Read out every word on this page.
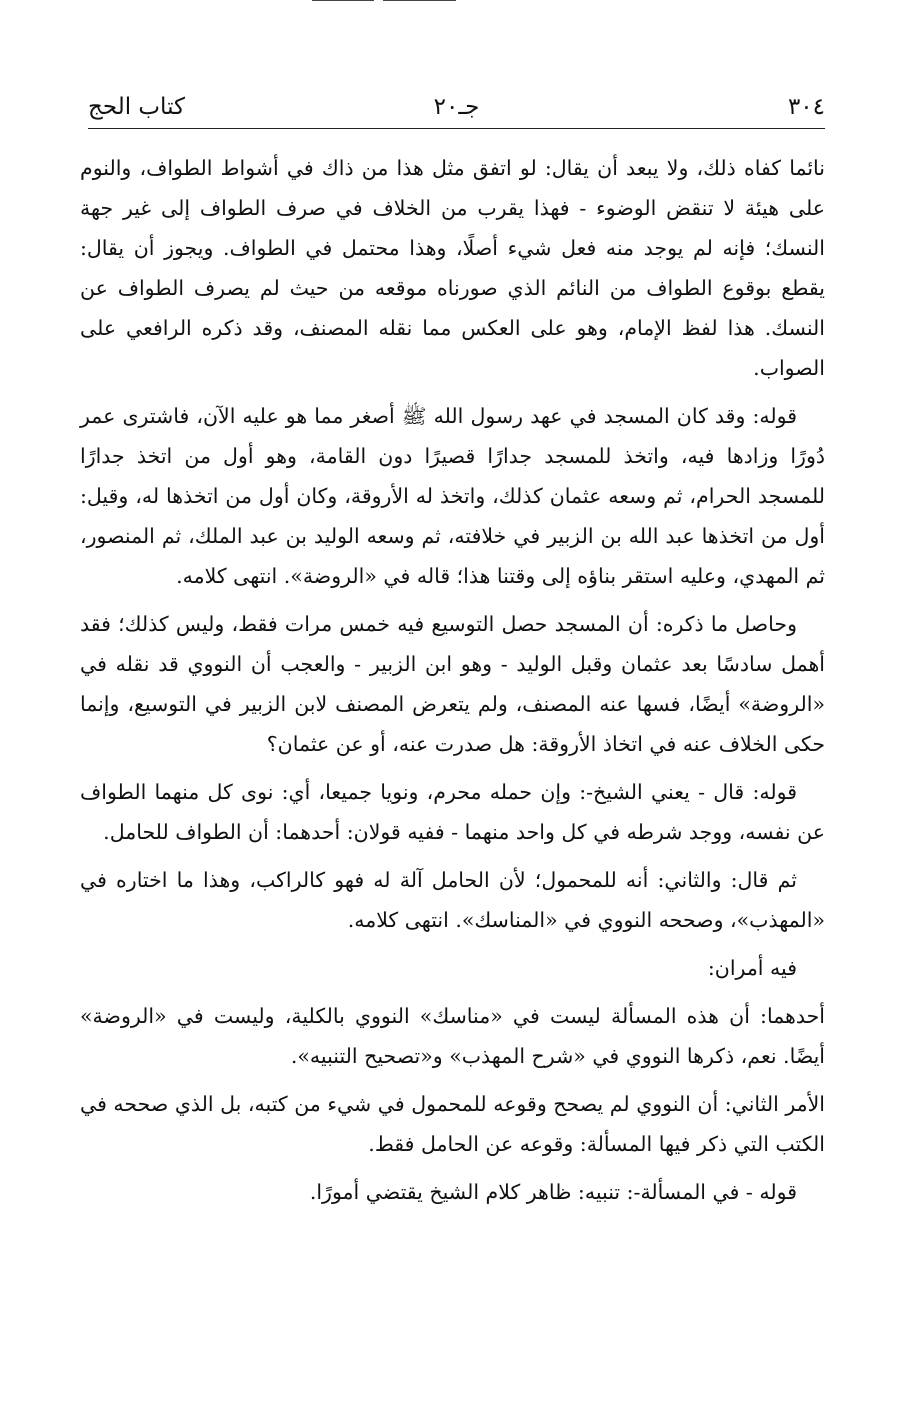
٣٠٤
جـ٢٠
كتاب الحج

نائما كفاه ذلك، ولا يبعد أن يقال: لو اتفق مثل هذا من ذاك في أشواط الطواف، والنوم على هيئة لا تنقض الوضوء - فهذا يقرب من الخلاف في صرف الطواف إلى غير جهة النسك؛ فإنه لم يوجد منه فعل شيء أصلًا، وهذا محتمل في الطواف. ويجوز أن يقال: يقطع بوقوع الطواف من النائم الذي صورناه موقعه من حيث لم يصرف الطواف عن النسك. هذا لفظ الإمام، وهو على العكس مما نقله المصنف، وقد ذكره الرافعي على الصواب.

قوله: وقد كان المسجد في عهد رسول الله ﷺ أصغر مما هو عليه الآن، فاشترى عمر دُورًا وزادها فيه، واتخذ للمسجد جدارًا قصيرًا دون القامة، وهو أول من اتخذ جدارًا للمسجد الحرام، ثم وسعه عثمان كذلك، واتخذ له الأروقة، وكان أول من اتخذها له، وقيل: أول من اتخذها عبد الله بن الزبير في خلافته، ثم وسعه الوليد بن عبد الملك، ثم المنصور، ثم المهدي، وعليه استقر بناؤه إلى وقتنا هذا؛ قاله في «الروضة». انتهى كلامه.

وحاصل ما ذكره: أن المسجد حصل التوسيع فيه خمس مرات فقط، وليس كذلك؛ فقد أهمل سادسًا بعد عثمان وقبل الوليد - وهو ابن الزبير - والعجب أن النووي قد نقله في «الروضة» أيضًا، فسها عنه المصنف، ولم يتعرض المصنف لابن الزبير في التوسيع، وإنما حكى الخلاف عنه في اتخاذ الأروقة: هل صدرت عنه، أو عن عثمان؟

قوله: قال - يعني الشيخ-: وإن حمله محرم، ونويا جميعا، أي: نوى كل منهما الطواف عن نفسه، ووجد شرطه في كل واحد منهما - ففيه قولان: أحدهما: أن الطواف للحامل.

ثم قال: والثاني: أنه للمحمول؛ لأن الحامل آلة له فهو كالراكب، وهذا ما اختاره في «المهذب»، وصححه النووي في «المناسك». انتهى كلامه.

فيه أمران:

أحدهما: أن هذه المسألة ليست في «مناسك» النووي بالكلية، وليست في «الروضة» أيضًا. نعم، ذكرها النووي في «شرح المهذب» و«تصحيح التنبيه».

الأمر الثاني: أن النووي لم يصحح وقوعه للمحمول في شيء من كتبه، بل الذي صححه في الكتب التي ذكر فيها المسألة: وقوعه عن الحامل فقط.

قوله - في المسألة-: تنبيه: ظاهر كلام الشيخ يقتضي أمورًا.
